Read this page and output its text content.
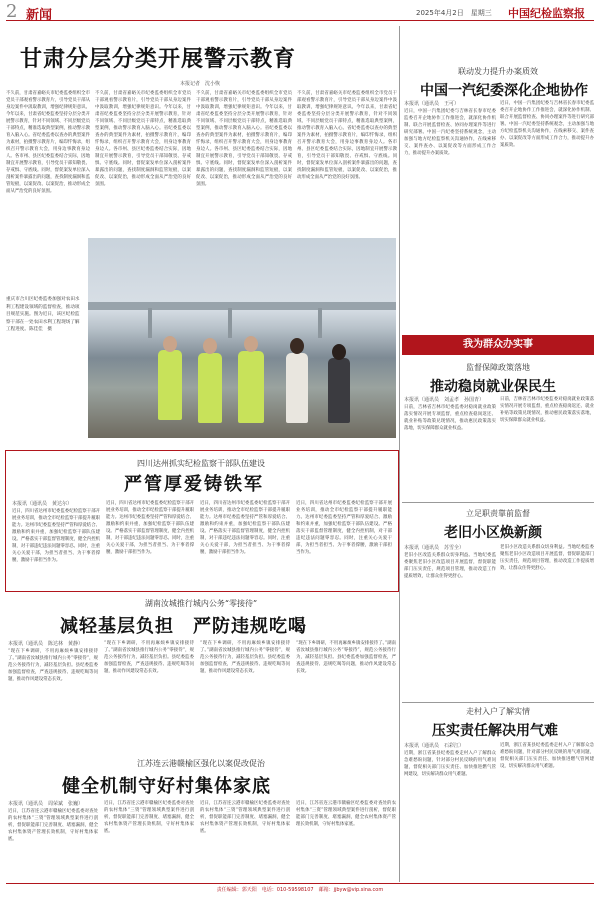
2 新闻	2025年4月2日　星期三 中国纪检监察报
甘肃分层分类开展警示教育
本报记者　沈小恢
不久前，甘肃省嘉峪关市纪委监委组织全市党员干部观看警示教育片，引导党员干部从身边案件中汲取教训，增强纪律规矩意识。今年以来，甘肃省纪委监委坚持分层分类开展警示教育，针对不同领域、不同层级党员干部特点，精准选取典型案例，推动警示教育入脑入心。省纪委监委以查办的典型案件为素材，拍摄警示教育片，编印忏悔录，组织召开警示教育大会，用身边事教育身边人。各市州、县区纪委监委结合实际，因地制宜开展警示教育，引导党员干部知敬畏、存戒惧、守底线。同时，督促案发单位深入剖析案件暴露出的问题，查找制度漏洞和监管短板，以案促改、以案促治，推动形成全面从严治党的良好氛围。
不久前，甘肃省嘉峪关市纪委监委组织全市党员干部观看警示教育片，引导党员干部从身边案件中汲取教训，增强纪律规矩意识。今年以来，甘肃省纪委监委坚持分层分类开展警示教育，针对不同领域、不同层级党员干部特点，精准选取典型案例，推动警示教育入脑入心。省纪委监委以查办的典型案件为素材，拍摄警示教育片，编印忏悔录，组织召开警示教育大会，用身边事教育身边人。各市州、县区纪委监委结合实际，因地制宜开展警示教育，引导党员干部知敬畏、存戒惧、守底线。同时，督促案发单位深入剖析案件暴露出的问题，查找制度漏洞和监管短板，以案促改、以案促治，推动形成全面从严治党的良好氛围。
不久前，甘肃省嘉峪关市纪委监委组织全市党员干部观看警示教育片，引导党员干部从身边案件中汲取教训，增强纪律规矩意识。今年以来，甘肃省纪委监委坚持分层分类开展警示教育，针对不同领域、不同层级党员干部特点，精准选取典型案例，推动警示教育入脑入心。省纪委监委以查办的典型案件为素材，拍摄警示教育片，编印忏悔录，组织召开警示教育大会，用身边事教育身边人。各市州、县区纪委监委结合实际，因地制宜开展警示教育，引导党员干部知敬畏、存戒惧、守底线。同时，督促案发单位深入剖析案件暴露出的问题，查找制度漏洞和监管短板，以案促改、以案促治，推动形成全面从严治党的良好氛围。
不久前，甘肃省嘉峪关市纪委监委组织全市党员干部观看警示教育片，引导党员干部从身边案件中汲取教训，增强纪律规矩意识。今年以来，甘肃省纪委监委坚持分层分类开展警示教育，针对不同领域、不同层级党员干部特点，精准选取典型案例，推动警示教育入脑入心。省纪委监委以查办的典型案件为素材，拍摄警示教育片，编印忏悔录，组织召开警示教育大会，用身边事教育身边人。各市州、县区纪委监委结合实际，因地制宜开展警示教育，引导党员干部知敬畏、存戒惧、守底线。同时，督促案发单位深入剖析案件暴露出的问题，查找制度漏洞和监管短板，以案促改、以案促治，推动形成全面从严治党的良好氛围。
重庆市合川区纪委监委加强对农田水利工程建设领域的监督检查，推动项目规范实施。图为近日，该区纪检监察干部在一处农田水利工程现场了解工程进度。陈佳佳　摄
四川达州抓实纪检监察干部队伍建设
严管厚爱铸铁军
本报讯（通讯员　黄达尔）
近日，四川省达州市纪委监委纪检监察干部开展业务培训，推动全市纪检监察干部提升履职能力。达州市纪委监委坚持严管和厚爱结合、激励和约束并重，加强纪检监察干部队伍建设。严格落实干部监督管理制度，健全内控机制，对干部违纪违法问题零容忍。同时，注重关心关爱干部，为担当者担当、为干事者撑腰，激励干部担当作为。
近日，四川省达州市纪委监委纪检监察干部开展业务培训，推动全市纪检监察干部提升履职能力。达州市纪委监委坚持严管和厚爱结合、激励和约束并重，加强纪检监察干部队伍建设。严格落实干部监督管理制度，健全内控机制，对干部违纪违法问题零容忍。同时，注重关心关爱干部，为担当者担当、为干事者撑腰，激励干部担当作为。
近日，四川省达州市纪委监委纪检监察干部开展业务培训，推动全市纪检监察干部提升履职能力。达州市纪委监委坚持严管和厚爱结合、激励和约束并重，加强纪检监察干部队伍建设。严格落实干部监督管理制度，健全内控机制，对干部违纪违法问题零容忍。同时，注重关心关爱干部，为担当者担当、为干事者撑腰，激励干部担当作为。
近日，四川省达州市纪委监委纪检监察干部开展业务培训，推动全市纪检监察干部提升履职能力。达州市纪委监委坚持严管和厚爱结合、激励和约束并重，加强纪检监察干部队伍建设。严格落实干部监督管理制度，健全内控机制，对干部违纪违法问题零容忍。同时，注重关心关爱干部，为担当者担当、为干事者撑腰，激励干部担当作为。
湖南汝城推行城内公务“零接待”
减轻基层负担　严防违规吃喝
本报讯（通讯员　陈达林　黄静）
“现在下乡调研，不用再麻烦乡镇安排接待了。”湖南省汝城县推行城内公务“零接待”，规范公务接待行为，减轻基层负担。县纪委监委加强监督检查，严查违规接待、违规吃喝等问题，推动作风建设常态长效。
“现在下乡调研，不用再麻烦乡镇安排接待了。”湖南省汝城县推行城内公务“零接待”，规范公务接待行为，减轻基层负担。县纪委监委加强监督检查，严查违规接待、违规吃喝等问题，推动作风建设常态长效。
“现在下乡调研，不用再麻烦乡镇安排接待了。”湖南省汝城县推行城内公务“零接待”，规范公务接待行为，减轻基层负担。县纪委监委加强监督检查，严查违规接待、违规吃喝等问题，推动作风建设常态长效。
“现在下乡调研，不用再麻烦乡镇安排接待了。”湖南省汝城县推行城内公务“零接待”，规范公务接待行为，减轻基层负担。县纪委监委加强监督检查，严查违规接待、违规吃喝等问题，推动作风建设常态长效。
江苏连云港赣榆区强化以案促改促治
健全机制守好村集体家底
本报讯（通讯员　周荣斌　张巍）
近日，江苏省连云港市赣榆区纪委监委对查处的农村集体“三资”管理领域典型案件进行剖析，督促职能部门完善制度、堵塞漏洞，健全农村集体资产管理长效机制，守好村集体家底。
近日，江苏省连云港市赣榆区纪委监委对查处的农村集体“三资”管理领域典型案件进行剖析，督促职能部门完善制度、堵塞漏洞，健全农村集体资产管理长效机制，守好村集体家底。
近日，江苏省连云港市赣榆区纪委监委对查处的农村集体“三资”管理领域典型案件进行剖析，督促职能部门完善制度、堵塞漏洞，健全农村集体资产管理长效机制，守好村集体家底。
近日，江苏省连云港市赣榆区纪委监委对查处的农村集体“三资”管理领域典型案件进行剖析，督促职能部门完善制度、堵塞漏洞，健全农村集体资产管理长效机制，守好村集体家底。
联动发力提升办案质效
中国一汽纪委深化企地协作
本报讯（通讯员　王可）
近日，中国一汽集团纪委与吉林省长春市纪委监委召开企地协作工作推进会，就深化协作机制、联合开展监督检查、协同办理案件等进行研究部署。中国一汽纪委坚持系统观念，主动加强与地方纪检监察机关沟通协作，在线索移交、案件查办、以案促改等方面形成工作合力，推动提升办案质效。
近日，中国一汽集团纪委与吉林省长春市纪委监委召开企地协作工作推进会，就深化协作机制、联合开展监督检查、协同办理案件等进行研究部署。中国一汽纪委坚持系统观念，主动加强与地方纪检监察机关沟通协作，在线索移交、案件查办、以案促改等方面形成工作合力，推动提升办案质效。
我为群众办实事
监督保障政策落地
推动稳岗就业保民生
本报讯（通讯员　刘孟孝　孙国青）
日前，吉林省吉林市纪委监委对稳岗就业政策落实情况开展专项监督，重点检查稳岗返还、就业补贴等政策兑现情况，推动惠民政策落实落地，切实保障群众就业权益。
日前，吉林省吉林市纪委监委对稳岗就业政策落实情况开展专项监督，重点检查稳岗返还、就业补贴等政策兑现情况，推动惠民政策落实落地，切实保障群众就业权益。
立足职责靠前监督
老旧小区焕新颜
本报讯（通讯员　苏雪全）
老旧小区改造关系群众切身利益。当地纪委监委聚焦老旧小区改造项目开展监督，督促职能部门压实责任，规范项目管理，推动改造工作提质增效，让群众住得更舒心。
老旧小区改造关系群众切身利益。当地纪委监委聚焦老旧小区改造项目开展监督，督促职能部门压实责任，规范项目管理，推动改造工作提质增效，让群众住得更舒心。
走村入户了解实情
压实责任解决用气难
本报讯（通讯员　石彩江）
近期，浙江省某县纪委监委走村入户了解群众急难愁盼问题，针对部分村民反映的用气难问题，督促相关部门压实责任、加快推进燃气管网建设，切实解决群众用气难题。
近期，浙江省某县纪委监委走村入户了解群众急难愁盼问题，针对部分村民反映的用气难问题，督促相关部门压实责任、加快推进燃气管网建设，切实解决群众用气难题。
责任编辑：郭天阳　电话：010-59598107　邮箱：jjbyw@vip.sina.com
